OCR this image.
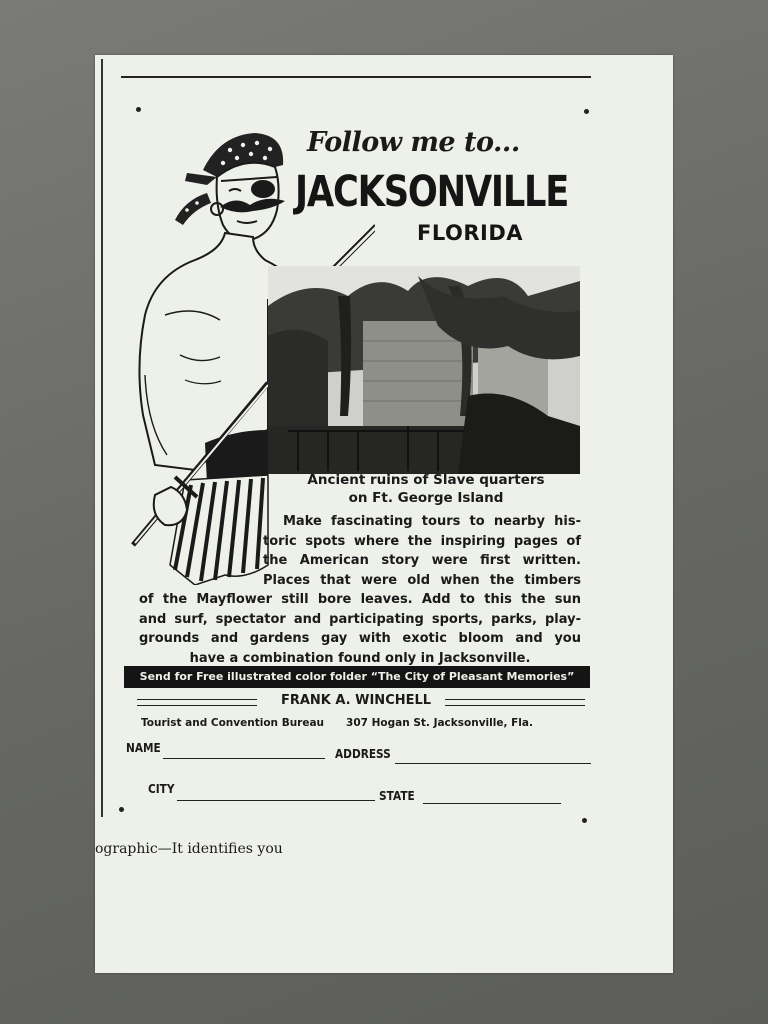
Follow me to...
JACKSONVILLE
FLORIDA
Ancient ruins of Slave quarters
on Ft. George Island
Make fascinating tours to nearby his-
toric spots where the inspiring pages of
the American story were first written.
Places that were old when the timbers
of the Mayflower still bore leaves. Add to this the sun
and surf, spectator and participating sports, parks, play-
grounds and gardens gay with exotic bloom and you
have a combination found only in Jacksonville.
Send for Free illustrated color folder “The City of Pleasant Memories”
FRANK A. WINCHELL
Tourist and Convention Bureau 307 Hogan St. Jacksonville, Fla.
NAME	ADDRESS
CITY	STATE
ographic—It identifies you
